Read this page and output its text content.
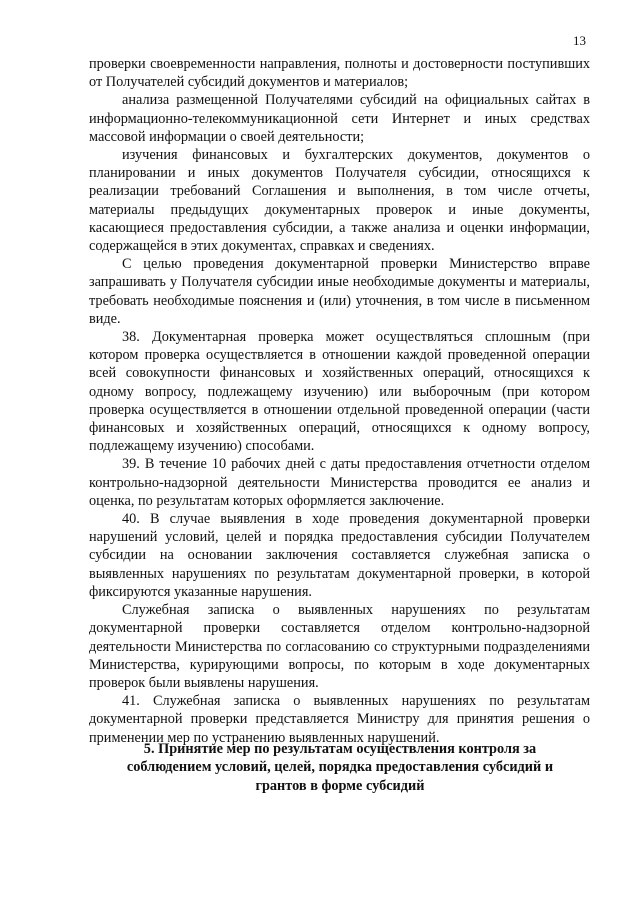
13

проверки своевременности направления, полноты и достоверности поступивших от Получателей субсидий документов и материалов;

анализа размещенной Получателями субсидий на официальных сайтах в информационно-телекоммуникационной сети Интернет и иных средствах массовой информации о своей деятельности;

изучения финансовых и бухгалтерских документов, документов о планировании и иных документов Получателя субсидии, относящихся к реализации требований Соглашения и выполнения, в том числе отчеты, материалы предыдущих документарных проверок и иные документы, касающиеся предоставления субсидии, а также анализа и оценки информации, содержащейся в этих документах, справках и сведениях.

С целью проведения документарной проверки Министерство вправе запрашивать у Получателя субсидии иные необходимые документы и материалы, требовать необходимые пояснения и (или) уточнения, в том числе в письменном виде.

38. Документарная проверка может осуществляться сплошным (при котором проверка осуществляется в отношении каждой проведенной операции всей совокупности финансовых и хозяйственных операций, относящихся к одному вопросу, подлежащему изучению) или выборочным (при котором проверка осуществляется в отношении отдельной проведенной операции (части финансовых и хозяйственных операций, относящихся к одному вопросу, подлежащему изучению) способами.

39. В течение 10 рабочих дней с даты предоставления отчетности отделом контрольно-надзорной деятельности Министерства проводится ее анализ и оценка, по результатам которых оформляется заключение.

40. В случае выявления в ходе проведения документарной проверки нарушений условий, целей и порядка предоставления субсидии Получателем субсидии на основании заключения составляется служебная записка о выявленных нарушениях по результатам документарной проверки, в которой фиксируются указанные нарушения.

Служебная записка о выявленных нарушениях по результатам документарной проверки составляется отделом контрольно-надзорной деятельности Министерства по согласованию со структурными подразделениями Министерства, курирующими вопросы, по которым в ходе документарных проверок были выявлены нарушения.

41. Служебная записка о выявленных нарушениях по результатам документарной проверки представляется Министру для принятия решения о применении мер по устранению выявленных нарушений.

5. Принятие мер по результатам осуществления контроля за соблюдением условий, целей, порядка предоставления субсидий и грантов в форме субсидий
